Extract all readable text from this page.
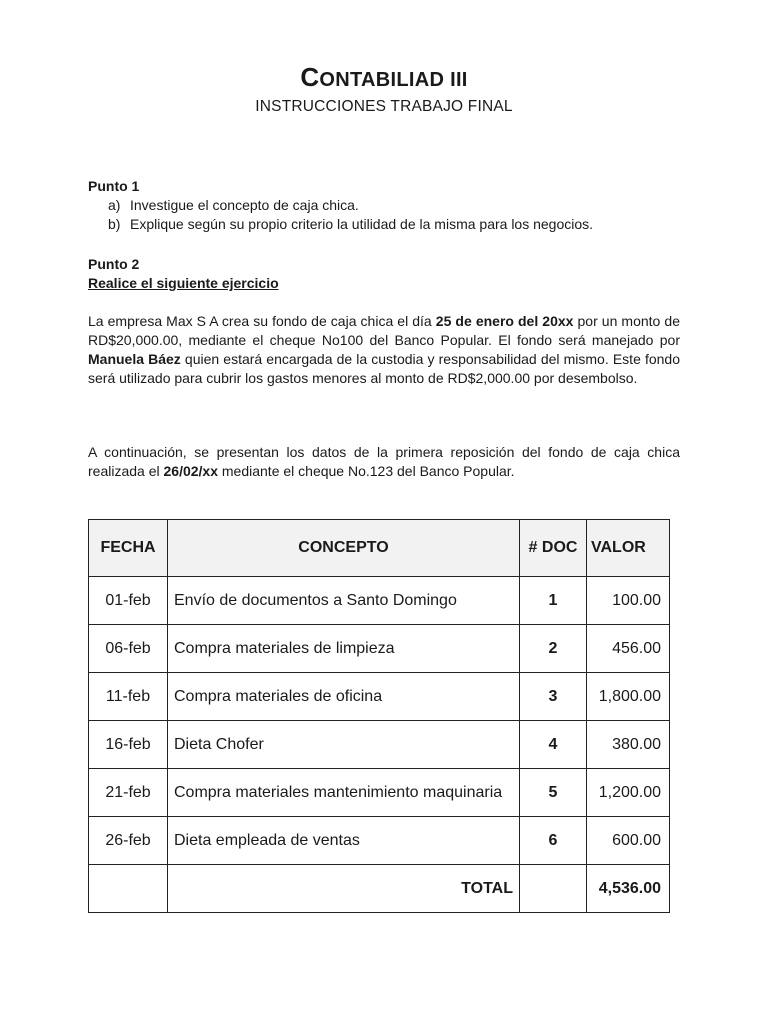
CONTABILIAD III
INSTRUCCIONES TRABAJO FINAL
Punto 1
a) Investigue el concepto de caja chica.
b) Explique según su propio criterio la utilidad de la misma para los negocios.
Punto 2
Realice el siguiente ejercicio
La empresa Max S A crea su fondo de caja chica el día 25 de enero del 20xx por un monto de RD$20,000.00, mediante el cheque No100 del Banco Popular. El fondo será manejado por Manuela Báez quien estará encargada de la custodia y responsabilidad del mismo. Este fondo será utilizado para cubrir los gastos menores al monto de RD$2,000.00 por desembolso.
A continuación, se presentan los datos de la primera reposición del fondo de caja chica realizada el 26/02/xx mediante el cheque No.123 del Banco Popular.
FECHA	CONCEPTO	# DOC	VALOR
01-feb	Envío de documentos a Santo Domingo	1	100.00
06-feb	Compra materiales de limpieza	2	456.00
11-feb	Compra materiales de oficina	3	1,800.00
16-feb	Dieta Chofer	4	380.00
21-feb	Compra materiales mantenimiento maquinaria	5	1,200.00
26-feb	Dieta empleada de ventas	6	600.00
	TOTAL		4,536.00
